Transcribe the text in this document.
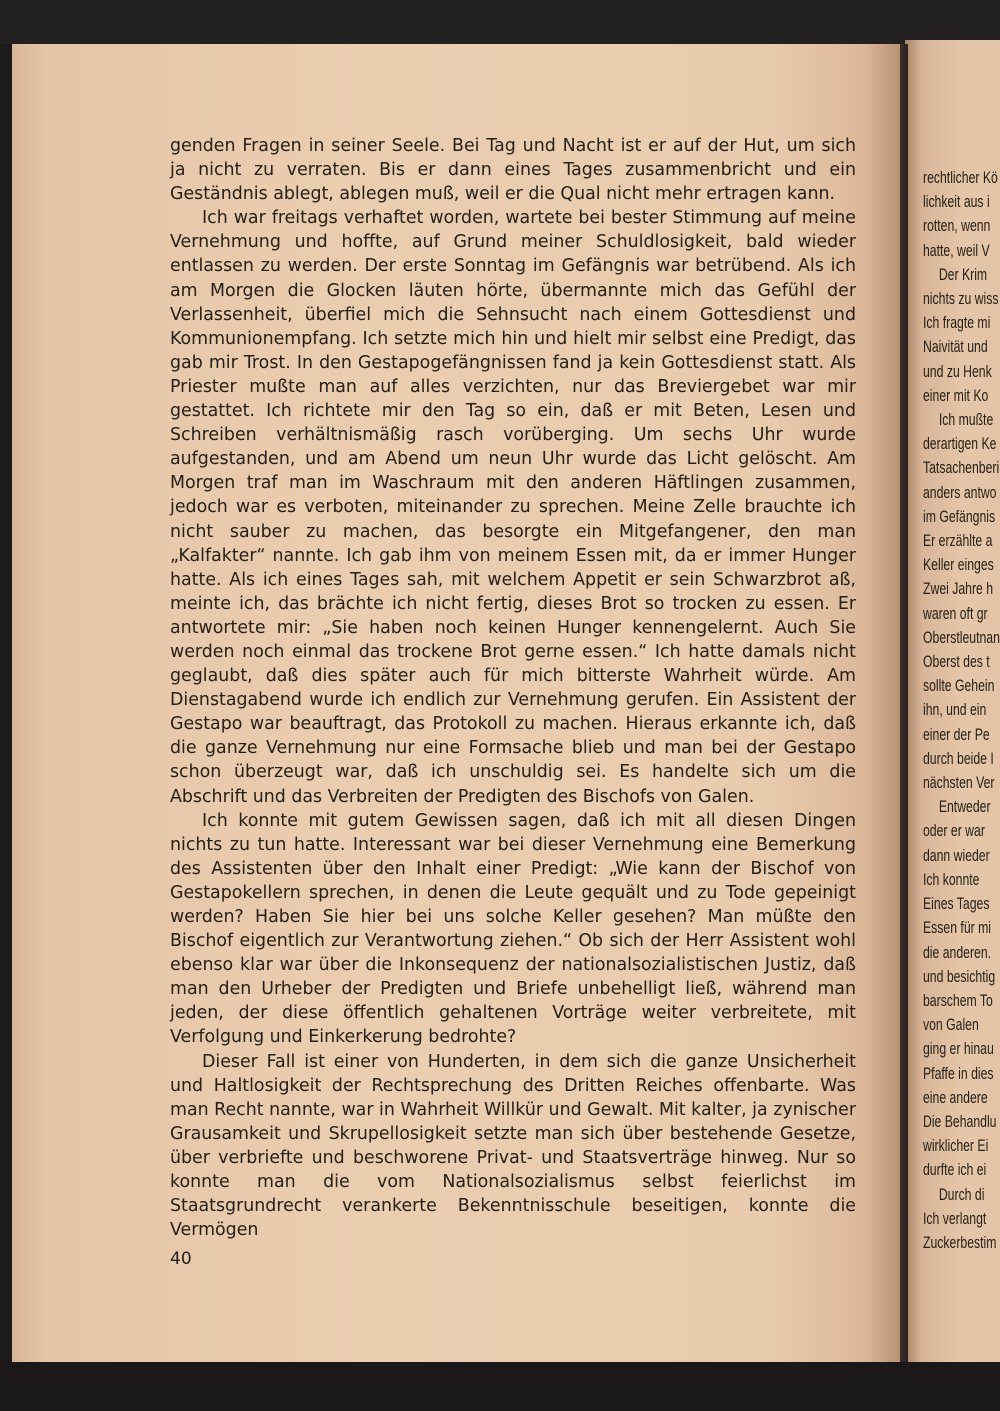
rechtlicher Kö
lichkeit aus i
rotten, wenn
hatte, weil V
Der Krim
nichts zu wiss
Ich fragte mi
Naivität und
und zu Henk
einer mit Ko
Ich mußte
derartigen Ke
Tatsachenberi
anders antwo
im Gefängnis
Er erzählte a
Keller einges
Zwei Jahre h
waren oft gr
Oberstleutnan
Oberst des t
sollte Gehein
ihn, und ein
einer der Pe
durch beide I
nächsten Ver
Entweder
oder er war
dann wieder
Ich konnte
Eines Tages
Essen für mi
die anderen.
und besichtig
barschem To
von Galen
ging er hinau
Pfaffe in dies
eine andere
Die Behandlu
wirklicher Ei
durfte ich ei
Durch di
Ich verlangt
Zuckerbestim

genden Fragen in seiner Seele. Bei Tag und Nacht ist er auf der Hut, um sich ja nicht zu verraten. Bis er dann eines Tages zusammenbricht und ein Geständnis ablegt, ablegen muß, weil er die Qual nicht mehr ertragen kann.

Ich war freitags verhaftet worden, wartete bei bester Stimmung auf meine Vernehmung und hoffte, auf Grund meiner Schuldlosigkeit, bald wieder entlassen zu werden. Der erste Sonntag im Gefängnis war betrübend. Als ich am Morgen die Glocken läuten hörte, übermannte mich das Gefühl der Verlassenheit, überfiel mich die Sehnsucht nach einem Gottesdienst und Kommunionempfang. Ich setzte mich hin und hielt mir selbst eine Predigt, das gab mir Trost. In den Gestapogefängnissen fand ja kein Gottesdienst statt. Als Priester mußte man auf alles verzichten, nur das Breviergebet war mir gestattet. Ich richtete mir den Tag so ein, daß er mit Beten, Lesen und Schreiben verhältnismäßig rasch vorüberging. Um sechs Uhr wurde aufgestanden, und am Abend um neun Uhr wurde das Licht gelöscht. Am Morgen traf man im Waschraum mit den anderen Häftlingen zusammen, jedoch war es verboten, miteinander zu sprechen. Meine Zelle brauchte ich nicht sauber zu machen, das besorgte ein Mitgefangener, den man „Kalfakter“ nannte. Ich gab ihm von meinem Essen mit, da er immer Hunger hatte. Als ich eines Tages sah, mit welchem Appetit er sein Schwarzbrot aß, meinte ich, das brächte ich nicht fertig, dieses Brot so trocken zu essen. Er antwortete mir: „Sie haben noch keinen Hunger kennengelernt. Auch Sie werden noch einmal das trockene Brot gerne essen.“ Ich hatte damals nicht geglaubt, daß dies später auch für mich bitterste Wahrheit würde. Am Dienstagabend wurde ich endlich zur Vernehmung gerufen. Ein Assistent der Gestapo war beauftragt, das Protokoll zu machen. Hieraus erkannte ich, daß die ganze Vernehmung nur eine Formsache blieb und man bei der Gestapo schon überzeugt war, daß ich unschuldig sei. Es handelte sich um die Abschrift und das Verbreiten der Predigten des Bischofs von Galen.

Ich konnte mit gutem Gewissen sagen, daß ich mit all diesen Dingen nichts zu tun hatte. Interessant war bei dieser Vernehmung eine Bemerkung des Assistenten über den Inhalt einer Predigt: „Wie kann der Bischof von Gestapokellern sprechen, in denen die Leute gequält und zu Tode gepeinigt werden? Haben Sie hier bei uns solche Keller gesehen? Man müßte den Bischof eigentlich zur Verantwortung ziehen.“ Ob sich der Herr Assistent wohl ebenso klar war über die Inkonsequenz der nationalsozialistischen Justiz, daß man den Urheber der Predigten und Briefe unbehelligt ließ, während man jeden, der diese öffentlich gehaltenen Vorträge weiter verbreitete, mit Verfolgung und Einkerkerung bedrohte?

Dieser Fall ist einer von Hunderten, in dem sich die ganze Unsicherheit und Haltlosigkeit der Rechtsprechung des Dritten Reiches offenbarte. Was man Recht nannte, war in Wahrheit Willkür und Gewalt. Mit kalter, ja zynischer Grausamkeit und Skrupellosigkeit setzte man sich über bestehende Gesetze, über verbriefte und beschworene Privat- und Staatsverträge hinweg. Nur so konnte man die vom Nationalsozialismus selbst feierlichst im Staatsgrundrecht verankerte Bekenntnisschule beseitigen, konnte die Vermögen

40
